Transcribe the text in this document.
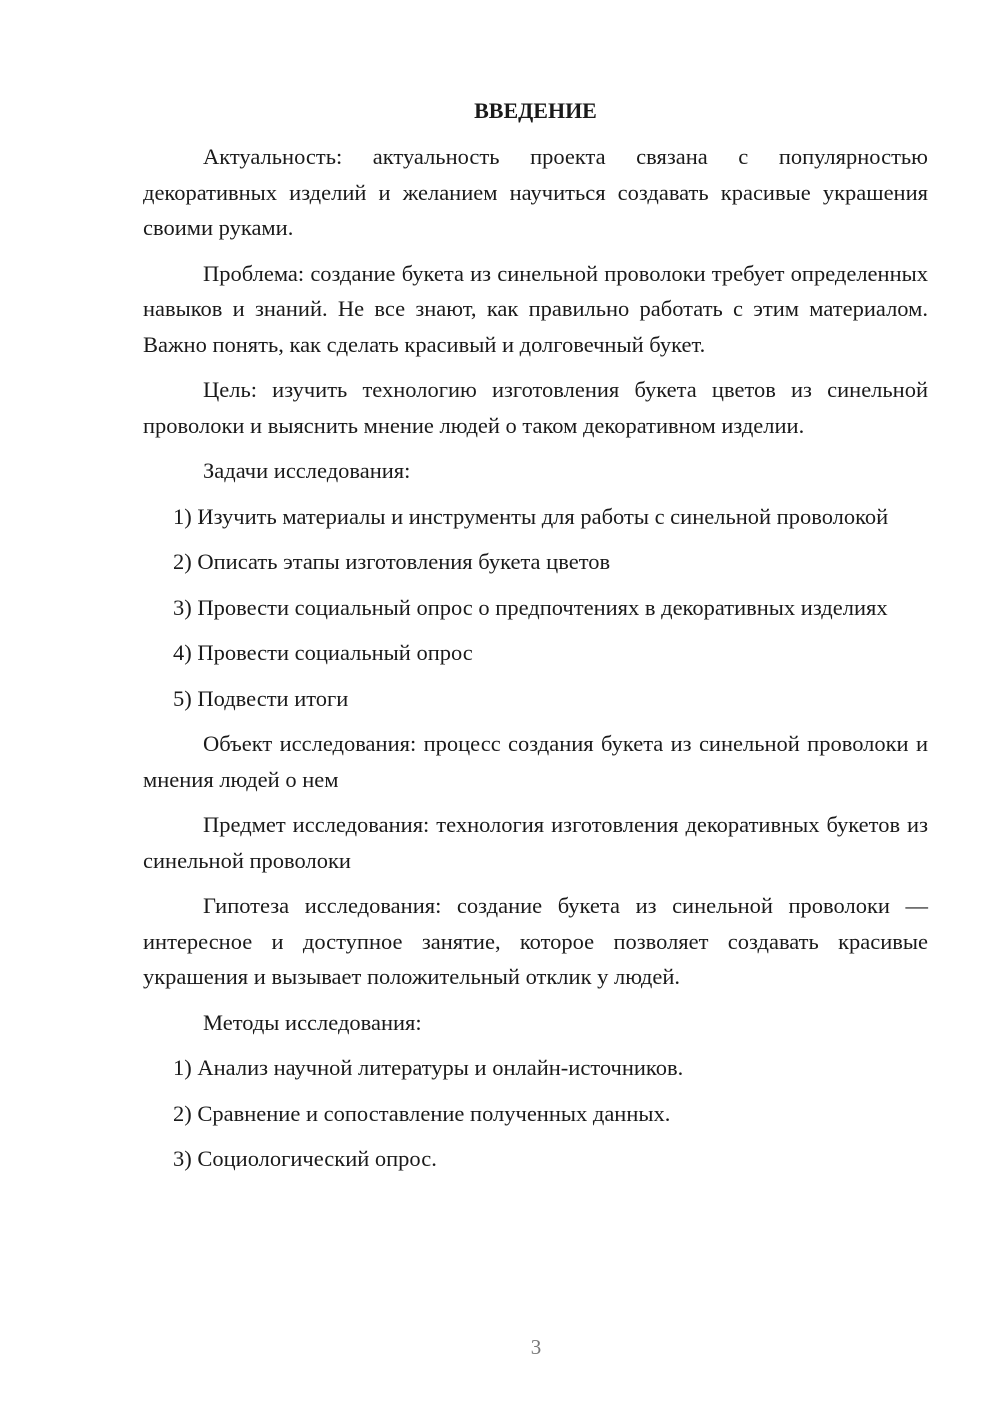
ВВЕДЕНИЕ

Актуальность: актуальность проекта связана с популярностью декоративных изделий и желанием научиться создавать красивые украшения своими руками.

Проблема: создание букета из синельной проволоки требует определенных навыков и знаний. Не все знают, как правильно работать с этим материалом. Важно понять, как сделать красивый и долговечный букет.

Цель: изучить технологию изготовления букета цветов из синельной проволоки и выяснить мнение людей о таком декоративном изделии.

Задачи исследования:

1) Изучить материалы и инструменты для работы с синельной проволокой

2) Описать этапы изготовления букета цветов

3) Провести социальный опрос о предпочтениях в декоративных изделиях

4) Провести социальный опрос

5) Подвести итоги

Объект исследования: процесс создания букета из синельной проволоки и мнения людей о нем

Предмет исследования: технология изготовления декоративных букетов из синельной проволоки

Гипотеза исследования: создание букета из синельной проволоки — интересное и доступное занятие, которое позволяет создавать красивые украшения и вызывает положительный отклик у людей.

Методы исследования:

1) Анализ научной литературы и онлайн-источников.

2) Сравнение и сопоставление полученных данных.

3) Социологический опрос.

3
